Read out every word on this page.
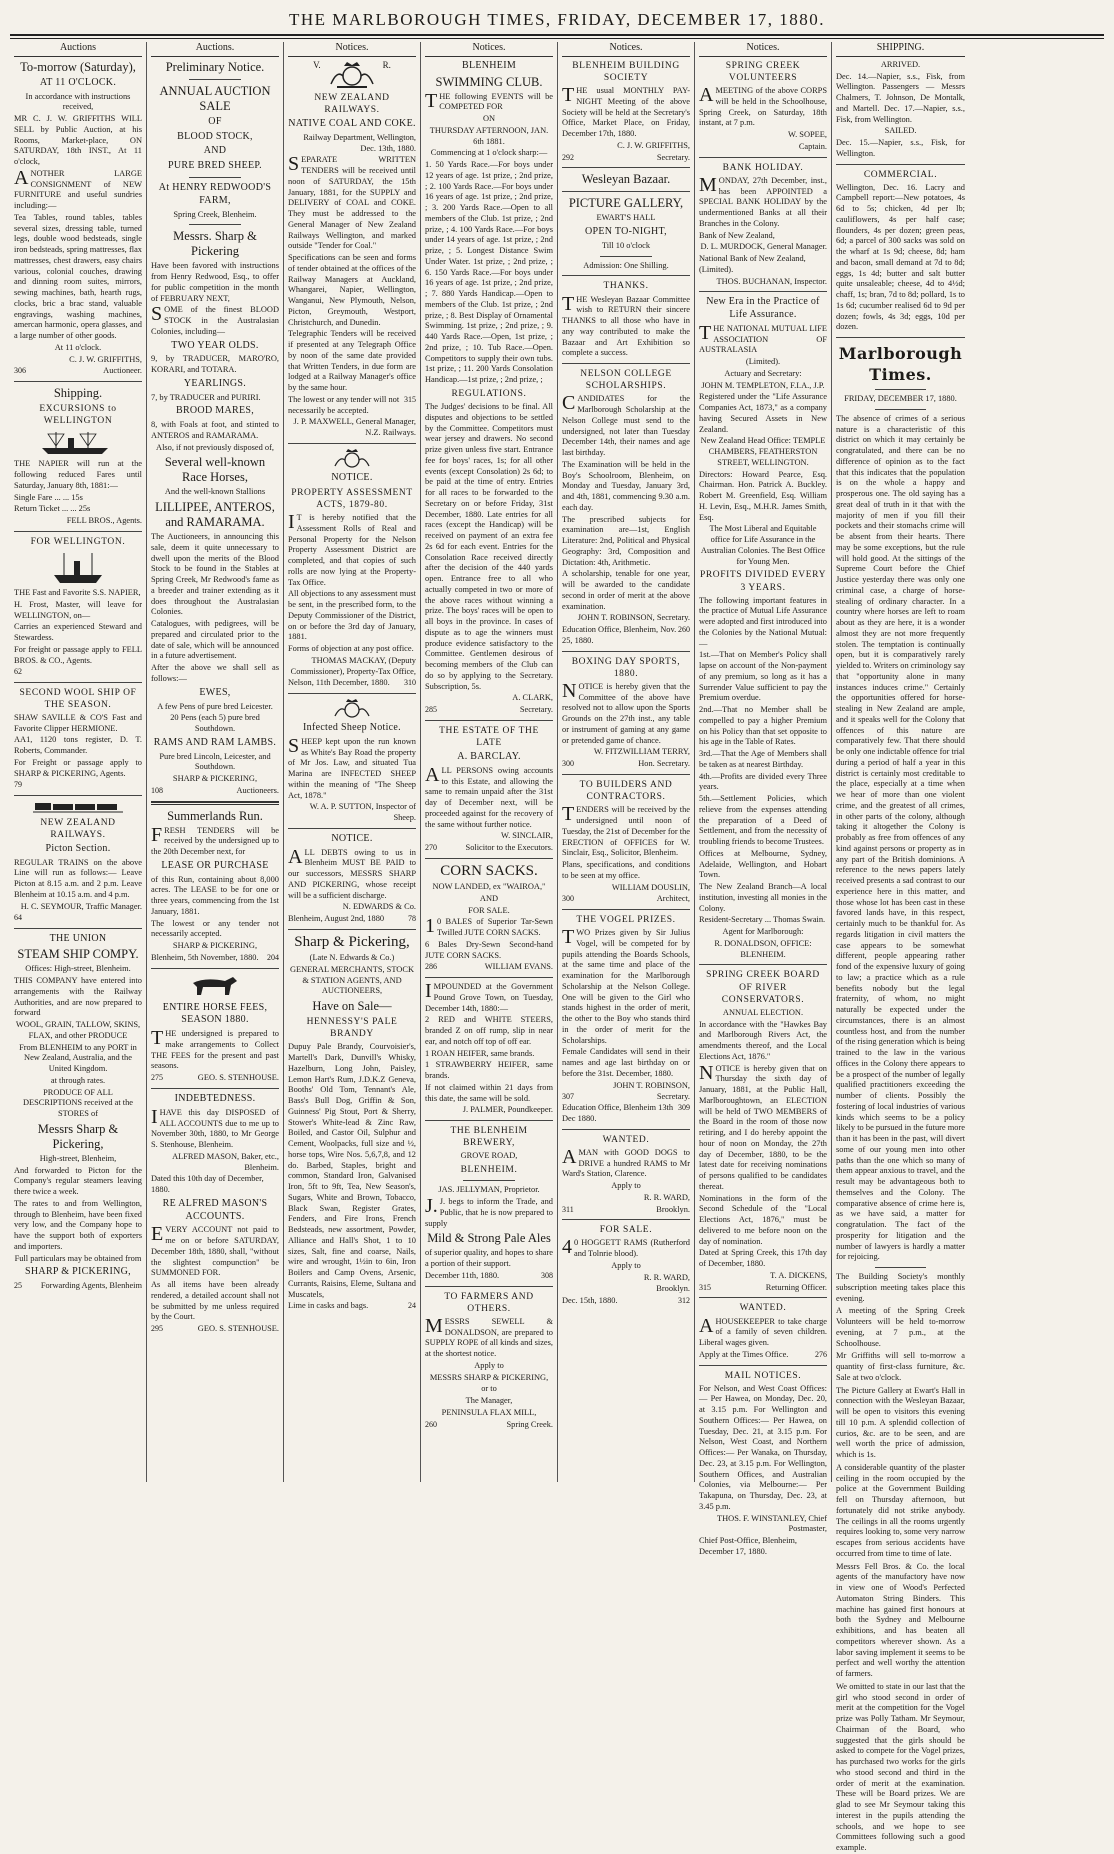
THE MARLBOROUGH TIMES, FRIDAY, DECEMBER 17, 1880.
Auctions
To-morrow (Saturday),
AT 11 O'CLOCK.

In accordance with instructions received,

MR C. J. W. GRIFFITHS WILL SELL by Public Auction, at his Rooms, Market-place, ON SATURDAY, 18th INST., At 11 o'clock,

ANOTHER LARGE CONSIGNMENT of NEW FURNITURE and useful sundries including:—

Tea Tables, round tables, tables several sizes, dressing table, turned legs, double wood bedsteads, single iron bedsteads, spring mattresses, flax mattresses, chest drawers, easy chairs various, colonial couches, drawing and dinning room suites, mirrors, sewing machines, bath, hearth rugs, clocks, bric a brac stand, valuable engravings, washing machines, amercan harmonic, opera glasses, and a large number of other goods.

At 11 o'clock.

C. J. W. GRIFFITHS,

306	Auctioneer.
Shipping.
EXCURSIONS to WELLINGTON

THE NAPIER will run at the following reduced Fares until Saturday, January 8th, 1881:—

Single Fare ... ... 15s

Return Ticket ... ... 25s

FELL BROS., Agents.

FOR WELLINGTON.

THE Fast and Favorite S.S. NAPIER,

H. Frost, Master, will leave for WELLINGTON, on—

Carries an experienced Steward and Stewardess.

For freight or passage apply to FELL BROS. & CO., Agents.

62

SECOND WOOL SHIP OF THE SEASON.

SHAW SAVILLE & CO'S Fast and Favorite Clipper HERMIONE.

AA1, 1120 tons register, D. T. Roberts, Commander.

For Freight or passage apply to SHARP & PICKERING, Agents.

79

NEW ZEALAND RAILWAYS.
Picton Section.

REGULAR TRAINS on the above Line will run as follows:— Leave Picton at 8.15 a.m. and 2 p.m. Leave Blenheim at 10.15 a.m. and 4 p.m.

H. C. SEYMOUR, Traffic Manager.

64

THE UNION
STEAM SHIP COMPY.

Offices: High-street, Blenheim.

THIS COMPANY have entered into arrangements with the Railway Authorities, and are now prepared to forward

WOOL, GRAIN, TALLOW, SKINS, FLAX, and other PRODUCE

From BLENHEIM to any PORT in New Zealand, Australia, and the United Kingdom.

at through rates.

PRODUCE OF ALL DESCRIPTIONS received at the STORES of

Messrs Sharp & Pickering,

High-street, Blenheim,

And forwarded to Picton for the Company's regular steamers leaving there twice a week.

The rates to and from Wellington, through to Blenheim, have been fixed very low, and the Company hope to have the support both of exporters and importers.

Full particulars may be obtained from

SHARP & PICKERING,
25 Forwarding Agents, Blenheim
Auctions.
Preliminary Notice.
ANNUAL AUCTION SALE
OF
BLOOD STOCK,
AND
PURE BRED SHEEP.
At HENRY REDWOOD'S FARM,

Spring Creek, Blenheim.

Messrs. Sharp & Pickering

Have been favored with instructions from Henry Redwood, Esq., to offer for public competition in the month of FEBRUARY NEXT,

SOME of the finest BLOOD STOCK in the Australasian Colonies, including—

TWO YEAR OLDS.

9, by TRADUCER, MARO'RO, KORARI, and TOTARA.

YEARLINGS.

7, by TRADUCER and PURIRI.

BROOD MARES,

8, with Foals at foot, and stinted to ANTEROS and RAMARAMA.

Also, if not previously disposed of,

Several well-known Race Horses,

And the well-known Stallions

LILLIPEE, ANTEROS, and RAMARAMA.

The Auctioneers, in announcing this sale, deem it quite unnecessary to dwell upon the merits of the Blood Stock to be found in the Stables at Spring Creek, Mr Redwood's fame as a breeder and trainer extending as it does throughout the Australasian Colonies.

Catalogues, with pedigrees, will be prepared and circulated prior to the date of sale, which will be announced in a future advertisement.

After the above we shall sell as follows:—

EWES,

A few Pens of pure bred Leicester.

20 Pens (each 5) pure bred Southdown.

RAMS AND RAM LAMBS.

Pure bred Lincoln, Leicester, and Southdown.

SHARP & PICKERING,

108	Auctioneers.
Summerlands Run.

FRESH TENDERS will be received by the undersigned up to the 20th December next, for

LEASE OR PURCHASE

of this Run, containing about 8,000 acres. The LEASE to be for one or three years, commencing from the 1st January, 1881.

The lowest or any tender not necessarily accepted.

SHARP & PICKERING,

Blenheim, 5th November, 1880. 204
ENTIRE HORSE FEES, SEASON 1880.

THE undersigned is prepared to make arrangements to Collect THE FEES for the present and past seasons.

275	GEO. S. STENHOUSE.
INDEBTEDNESS.

IHAVE this day DISPOSED of ALL ACCOUNTS due to me up to November 30th, 1880, to Mr George S. Stenhouse, Blenheim.

ALFRED MASON, Baker, etc., Blenheim.

Dated this 10th day of December, 1880.

RE ALFRED MASON'S ACCOUNTS.

EVERY ACCOUNT not paid to me on or before SATURDAY, December 18th, 1880, shall, "without the slightest compunction" be SUMMONED FOR.

As all items have been already rendered, a detailed account shall not be submitted by me unless required by the Court.

295	GEO. S. STENHOUSE.
Notices.
V.	R.
NEW ZEALAND RAILWAYS.
NATIVE COAL AND COKE.

Railway Department, Wellington, Dec. 13th, 1880.

SEPARATE WRITTEN TENDERS will be received until noon of SATURDAY, the 15th January, 1881, for the SUPPLY and DELIVERY of COAL and COKE. They must be addressed to the General Manager of New Zealand Railways Wellington, and marked outside "Tender for Coal."

Specifications can be seen and forms of tender obtained at the offices of the Railway Managers at Auckland, Whangarei, Napier, Wellington, Wanganui, New Plymouth, Nelson, Picton, Greymouth, Westport, Christchurch, and Dunedin.

Telegraphic Tenders will be received if presented at any Telegraph Office by noon of the same date provided that Written Tenders, in due form are lodged at a Railway Manager's office by the same hour.

The lowest or any tender will not necessarily be accepted.
315

J. P. MAXWELL, General Manager, N.Z. Railways.

NOTICE.
PROPERTY ASSESSMENT ACTS, 1879-80.

IT is hereby notified that the Assessment Rolls of Real and Personal Property for the Nelson Property Assessment District are completed, and that copies of such rolls are now lying at the Property-Tax Office.

All objections to any assessment must be sent, in the prescribed form, to the Deputy Commissioner of the District, on or before the 3rd day of January, 1881.

Forms of objection at any post office.

THOMAS MACKAY, (Deputy Commissioner), Property-Tax Office,

Nelson, 11th December, 1880. 310
Infected Sheep Notice.

SHEEP kept upon the run known as White's Bay Road the property of Mr Jos. Law, and situated Tua Marina are INFECTED SHEEP within the meaning of "The Sheep Act, 1878."

W. A. P. SUTTON, Inspector of Sheep.

NOTICE.

ALL DEBTS owing to us in Blenheim MUST BE PAID to our successors, MESSRS SHARP AND PICKERING, whose receipt will be a sufficient discharge.

N. EDWARDS & Co.

Blenheim, August 2nd, 1880	78
Sharp & Pickering,

(Late N. Edwards & Co.)

GENERAL MERCHANTS, STOCK & STATION AGENTS, AND AUCTIONEERS,

Have on Sale—
HENNESSY'S PALE BRANDY

Dupuy Pale Brandy, Courvoisier's, Martell's Dark, Dunvill's Whisky, Hazelburn, Long John, Paisley, Lemon Hart's Rum, J.D.K.Z Geneva, Booths' Old Tom, Tennant's Ale, Bass's Bull Dog, Griffin & Son, Guinness' Pig Stout, Port & Sherry, Stower's White-lead & Zinc Raw, Boiled, and Castor Oil, Sulphur and Cement, Woolpacks, full size and ½, horse tops, Wire Nos. 5,6,7,8, and 12 do. Barbed, Staples, bright and common, Standard Iron, Galvanised Iron, 5ft to 9ft, Tea, New Season's, Sugars, White and Brown, Tobacco, Black Swan, Register Grates, Fenders, and Fire Irons, French Bedsteads, new assortment, Powder, Alliance and Hall's Shot, 1 to 10 sizes, Salt, fine and coarse, Nails, wire and wrought, 1½in to 6in, Iron Boilers and Camp Ovens, Arsenic, Currants, Raisins, Eleme, Sultana and Muscatels,

Lime in casks and bags.	24
Notices.
BLENHEIM
SWIMMING CLUB.

THE following EVENTS will be COMPETED FOR

ON

THURSDAY AFTERNOON, JAN. 6th 1881.

Commencing at 1 o'clock sharp:—

1. 50 Yards Race.—For boys under 12 years of age. 1st prize, ; 2nd prize, ; 2. 100 Yards Race.—For boys under 16 years of age. 1st prize, ; 2nd prize, ; 3. 200 Yards Race.—Open to all members of the Club. 1st prize, ; 2nd prize, ; 4. 100 Yards Race.—For boys under 14 years of age. 1st prize, ; 2nd prize, ; 5. Longest Distance Swim Under Water. 1st prize, ; 2nd prize, ; 6. 150 Yards Race.—For boys under 16 years of age. 1st prize, ; 2nd prize, ; 7. 880 Yards Handicap.—Open to members of the Club. 1st prize, ; 2nd prize, ; 8. Best Display of Ornamental Swimming. 1st prize, ; 2nd prize, ; 9. 440 Yards Race.—Open, 1st prize, ; 2nd prize, ; 10. Tub Race.—Open. Competitors to supply their own tubs. 1st prize, ; 11. 200 Yards Consolation Handicap.—1st prize, ; 2nd prize, ;

REGULATIONS.

The Judges' decisions to be final. All disputes and objections to be settled by the Committee. Competitors must wear jersey and drawers. No second prize given unless five start. Entrance fee for boys' races, 1s; for all other events (except Consolation) 2s 6d; to be paid at the time of entry. Entries for all races to be forwarded to the Secretary on or before Friday, 31st December, 1880. Late entries for all races (except the Handicap) will be received on payment of an extra fee 2s 6d for each event. Entries for the Consolation Race received directly after the decision of the 440 yards open. Entrance free to all who actually competed in two or more of the above races without winning a prize. The boys' races will be open to all boys in the province. In cases of dispute as to age the winners must produce evidence satisfactory to the Committee. Gentlemen desirous of becoming members of the Club can do so by applying to the Secretary. Subscription, 5s.

A. CLARK,

285	Secretary.
THE ESTATE OF THE LATE
A. BARCLAY.

ALL PERSONS owing accounts to this Estate, and allowing the same to remain unpaid after the 31st day of December next, will be proceeded against for the recovery of the same without further notice.

W. SINCLAIR,

270	Solicitor to the Executors.
CORN SACKS.

NOW LANDED, ex "WAIROA,"

AND

FOR SALE.

10 BALES of Superior Tar-Sewn Twilled JUTE CORN SACKS.

6 Bales Dry-Sewn Second-hand JUTE CORN SACKS.

286	WILLIAM EVANS.

IMPOUNDED at the Government Pound Grove Town, on Tuesday, December 14th, 1880:—

2 RED and WHITE STEERS, branded Z on off rump, slip in near ear, and notch off top of off ear.

1 ROAN HEIFER, same brands.

1 STRAWBERRY HEIFER, same brands.

If not claimed within 21 days from this date, the same will be sold.

J. PALMER, Poundkeeper.

THE BLENHEIM BREWERY,

GROVE ROAD,

BLENHEIM.

JAS. JELLYMAN, Proprietor.

J.J. begs to inform the Trade, and Public, that he is now prepared to supply

Mild & Strong Pale Ales

of superior quality, and hopes to share a portion of their support.

December 11th, 1880.	308
TO FARMERS AND OTHERS.

MESSRS SEWELL & DONALDSON, are prepared to SUPPLY ROPE of all kinds and sizes, at the shortest notice.

Apply to

MESSRS SHARP & PICKERING,

or to

The Manager,

PENINSULA FLAX MILL,

260	Spring Creek.
Notices.
BLENHEIM BUILDING SOCIETY

THE usual MONTHLY PAY-NIGHT Meeting of the above Society will be held at the Secretary's Office, Market Place, on Friday, December 17th, 1880.

C. J. W. GRIFFITHS,

292	Secretary.
Wesleyan Bazaar.
PICTURE GALLERY,

EWART'S HALL

OPEN TO-NIGHT,

Till 10 o'clock

Admission: One Shilling.

THANKS.

THE Wesleyan Bazaar Committee wish to RETURN their sincere THANKS to all those who have in any way contributed to make the Bazaar and Art Exhibition so complete a success.

NELSON COLLEGE SCHOLARSHIPS.

CANDIDATES for the Marlborough Scholarship at the Nelson College must send to the undersigned, not later than Tuesday December 14th, their names and age last birthday.

The Examination will be held in the Boy's Schoolroom, Blenheim, on Monday and Tuesday, January 3rd, and 4th, 1881, commencing 9.30 a.m. each day.

The prescribed subjects for examination are—1st, English Literature: 2nd, Political and Physical Geography: 3rd, Composition and Dictation: 4th, Arithmetic.

A scholarship, tenable for one year, will be awarded to the candidate second in order of merit at the above examination.

JOHN T. ROBINSON, Secretary.

Education Office, Blenheim, Nov. 25, 1880.
260
BOXING DAY SPORTS, 1880.

NOTICE is hereby given that the Committee of the above have resolved not to allow upon the Sports Grounds on the 27th inst., any table or instrument of gaming at any game or pretended game of chance.

W. FITZWILLIAM TERRY,

300	Hon. Secretary.
TO BUILDERS AND CONTRACTORS.

TENDERS will be received by the undersigned until noon of Tuesday, the 21st of December for the ERECTION of OFFICES for W. Sinclair, Esq., Solicitor, Blenheim.

Plans, specifications, and conditions to be seen at my office.

WILLIAM DOUSLIN,

300	Architect,
THE VOGEL PRIZES.

TWO Prizes given by Sir Julius Vogel, will be competed for by pupils attending the Boards Schools, at the same time and place of the examination for the Marlborough Scholarship at the Nelson College. One will be given to the Girl who stands highest in the order of merit, the other to the Boy who stands third in the order of merit for the Scholarships.

Female Candidates will send in their names and age last birthday on or before the 31st. December, 1880.

JOHN T. ROBINSON,

307	Secretary.
Education Office, Blenheim 13th Dec 1880.
309
WANTED.

AMAN with GOOD DOGS to DRIVE a hundred RAMS to Mr Ward's Station, Clarence.

Apply to

R. R. WARD,

311	Brooklyn.
FOR SALE.

40 HOGGETT RAMS (Rutherford and Tolnrie blood).

Apply to

R. R. WARD,

Brooklyn.

Dec. 15th, 1880.	312
Notices.
SPRING CREEK VOLUNTEERS

AMEETING of the above CORPS will be held in the Schoolhouse, Spring Creek, on Saturday, 18th instant, at 7 p.m.

W. SOPEE,

Captain.

BANK HOLIDAY.

MONDAY, 27th December, inst., has been APPOINTED a SPECIAL BANK HOLIDAY by the undermentioned Banks at all their Branches in the Colony.

Bank of New Zealand,

D. L. MURDOCK, General Manager.

National Bank of New Zealand, (Limited).

THOS. BUCHANAN, Inspector.

New Era in the Practice of Life Assurance.

THE NATIONAL MUTUAL LIFE ASSOCIATION OF AUSTRALASIA

(Limited).

Actuary and Secretary:

JOHN M. TEMPLETON, F.I.A., J.P.

Registered under the "Life Assurance Companies Act, 1873," as a company having Secured Assets in New Zealand.

New Zealand Head Office: TEMPLE CHAMBERS, FEATHERSTON STREET, WELLINGTON.

Directors: Howard Pearce, Esq. Chairman. Hon. Patrick A. Buckley. Robert M. Greenfield, Esq. William H. Levin, Esq., M.H.R. James Smith, Esq.

The Most Liberal and Equitable office for Life Assurance in the Australian Colonies. The Best Office for Young Men.

PROFITS DIVIDED EVERY 3 YEARS.

The following important features in the practice of Mutual Life Assurance were adopted and first introduced into the Colonies by the National Mutual:—

1st.—That on Member's Policy shall lapse on account of the Non-payment of any premium, so long as it has a Surrender Value sufficient to pay the Premium overdue.

2nd.—That no Member shall be compelled to pay a higher Premium on his Policy than that set opposite to his age in the Table of Rates.

3rd.—That the Age of Members shall be taken as at nearest Birthday.

4th.—Profits are divided every Three years.

5th.—Settlement Policies, which relieve from the expenses attending the preparation of a Deed of Settlement, and from the necessity of troubling friends to become Trustees.

Offices at Melbourne, Sydney, Adelaide, Wellington, and Hobart Town.

The New Zealand Branch—A local institution, investing all monies in the Colony.

Resident-Secretary ... Thomas Swain.

Agent for Marlborough:

R. DONALDSON, OFFICE: BLENHEIM.

SPRING CREEK BOARD OF RIVER CONSERVATORS.

ANNUAL ELECTION.

In accordance with the "Hawkes Bay and Marlborough Rivers Act, the amendments thereof, and the Local Elections Act, 1876."

NOTICE is hereby given that on Thursday the sixth day of January, 1881, at the Public Hall, Marlboroughtown, an ELECTION will be held of TWO MEMBERS of the Board in the room of those now retiring, and I do hereby appoint the hour of noon on Monday, the 27th day of December, 1880, to be the latest date for receiving nominations of persons qualified to be candidates thereat.

Nominations in the form of the Second Schedule of the "Local Elections Act, 1876," must be delivered to me before noon on the day of nomination.

Dated at Spring Creek, this 17th day of December, 1880.

T. A. DICKENS,

315	Returning Officer.
WANTED.

AHOUSEKEEPER to take charge of a family of seven children. Liberal wages given.

Apply at the Times Office.	276
MAIL NOTICES.

For Nelson, and West Coast Offices:— Per Hawea, on Monday, Dec. 20, at 3.15 p.m. For Wellington and Southern Offices:— Per Hawea, on Tuesday, Dec. 21, at 3.15 p.m. For Nelson, West Coast, and Northern Offices:— Per Wanaka, on Thursday, Dec. 23, at 3.15 p.m. For Wellington, Southern Offices, and Australian Colonies, via Melbourne:— Per Takapuna, on Thursday, Dec. 23, at 3.45 p.m.

THOS. F. WINSTANLEY, Chief Postmaster,

Chief Post-Office, Blenheim, December 17, 1880.

SHIPPING.

ARRIVED.

Dec. 14.—Napier, s.s., Fisk, from Wellington. Passengers — Messrs Chalmers, T. Johnson, De Montalk, and Martell. Dec. 17.—Napier, s.s., Fisk, from Wellington.

SAILED.

Dec. 15.—Napier, s.s., Fisk, for Wellington.

COMMERCIAL.

Wellington, Dec. 16. Lacry and Campbell report:—New potatoes, 4s 6d to 5s; chicken, 4d per lb; cauliflowers, 4s per half case; flounders, 4s per dozen; green peas, 6d; a parcel of 300 sacks was sold on the wharf at 1s 9d; cheese, 8d; ham and bacon, small demand at 7d to 8d; eggs, 1s 4d; butter and salt butter quite unsaleable; cheese, 4d to 4½d; chaff, 1s; bran, 7d to 8d; pollard, 1s to 1s 6d; cucumber realised 6d to 9d per dozen; fowls, 4s 3d; eggs, 10d per dozen.

Marlborough Times.

FRIDAY, DECEMBER 17, 1880.

The absence of crimes of a serious nature is a characteristic of this district on which it may certainly be congratulated, and there can be no difference of opinion as to the fact that this indicates that the population is on the whole a happy and prosperous one. The old saying has a great deal of truth in it that with the majority of men if you fill their pockets and their stomachs crime will be absent from their hearts. There may be some exceptions, but the rule will hold good. At the sittings of the Supreme Court before the Chief Justice yesterday there was only one criminal case, a charge of horse-stealing of ordinary character. In a country where horses are left to roam about as they are here, it is a wonder almost they are not more frequently stolen. The temptation is continually open, but it is comparatively rarely yielded to. Writers on criminology say that "opportunity alone in many instances induces crime." Certainly the opportunities offered for horse-stealing in New Zealand are ample, and it speaks well for the Colony that offences of this nature are comparatively few. That there should be only one indictable offence for trial during a period of half a year in this district is certainly most creditable to the place, especially at a time when we hear of more than one violent crime, and the greatest of all crimes, in other parts of the colony, although taking it altogether the Colony is probably as free from offences of any kind against persons or property as in any part of the British dominions. A reference to the news papers lately received presents a sad contrast to our experience here in this matter, and those whose lot has been cast in these favored lands have, in this respect, certainly much to be thankful for. As regards litigation in civil matters the case appears to be somewhat different, people appearing rather fond of the expensive luxury of going to law; a practice which as a rule benefits nobody but the legal fraternity, of whom, no might naturally be expected under the circumstances, there is an almost countless host, and from the number of the rising generation which is being trained to the law in the various offices in the Colony there appears to be a prospect of the number of legally qualified practitioners exceeding the number of clients. Possibly the fostering of local industries of various kinds which seems to be a policy likely to be pursued in the future more than it has been in the past, will divert some of our young men into other paths than the one which so many of them appear anxious to travel, and the result may be advantageous both to themselves and the Colony. The comparative absence of crime here is, as we have said, a matter for congratulation. The fact of the prosperity for litigation and the number of lawyers is hardly a matter for rejoicing.

The Building Society's monthly subscription meeting takes place this evening.

A meeting of the Spring Creek Volunteers will be held to-morrow evening, at 7 p.m., at the Schoolhouse.

Mr Griffiths will sell to-morrow a quantity of first-class furniture, &c. Sale at two o'clock.

The Picture Gallery at Ewart's Hall in connection with the Wesleyan Bazaar, will be open to visitors this evening till 10 p.m. A splendid collection of curios, &c. are to be seen, and are well worth the price of admission, which is 1s.

A considerable quantity of the plaster ceiling in the room occupied by the police at the Government Building fell on Thursday afternoon, but fortunately did not strike anybody. The ceilings in all the rooms urgently requires looking to, some very narrow escapes from serious accidents have occurred from time to time of late.

Messrs Fell Bros. & Co. the local agents of the manufactory have now in view one of Wood's Perfected Automaton String Binders. This machine has gained first honours at both the Sydney and Melbourne exhibitions, and has beaten all competitors wherever shown. As a labor saving implement it seems to be perfect and well worthy the attention of farmers.

We omitted to state in our last that the girl who stood second in order of merit at the competition for the Vogel prize was Polly Tatham. Mr Seymour, Chairman of the Board, who suggested that the girls should be asked to compete for the Vogel prizes, has purchased two works for the girls who stood second and third in the order of merit at the examination. These will be Board prizes. We are glad to see Mr Seymour taking this interest in the pupils attending the schools, and we hope to see Committees following such a good example.
